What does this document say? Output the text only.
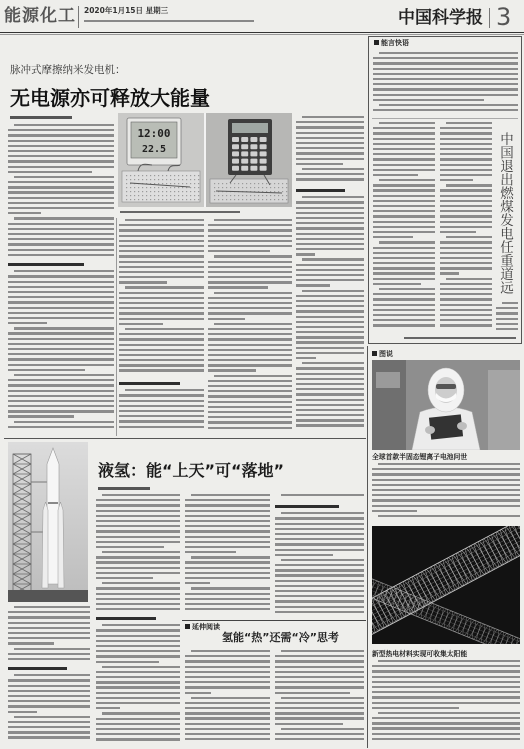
能源化工 2020年1月15日 星期三	中国科学报 3
脉冲式摩擦纳米发电机：
无电源亦可释放大能量
12:00
22.5
能言快语
中国退出燃煤发电任重道远
液氢：能“上天”可“落地”
延伸阅读
氢能“热”还需“冷”思考
图说
全球首款半固态锂离子电池问世
新型热电材料实现可收集太阳能
